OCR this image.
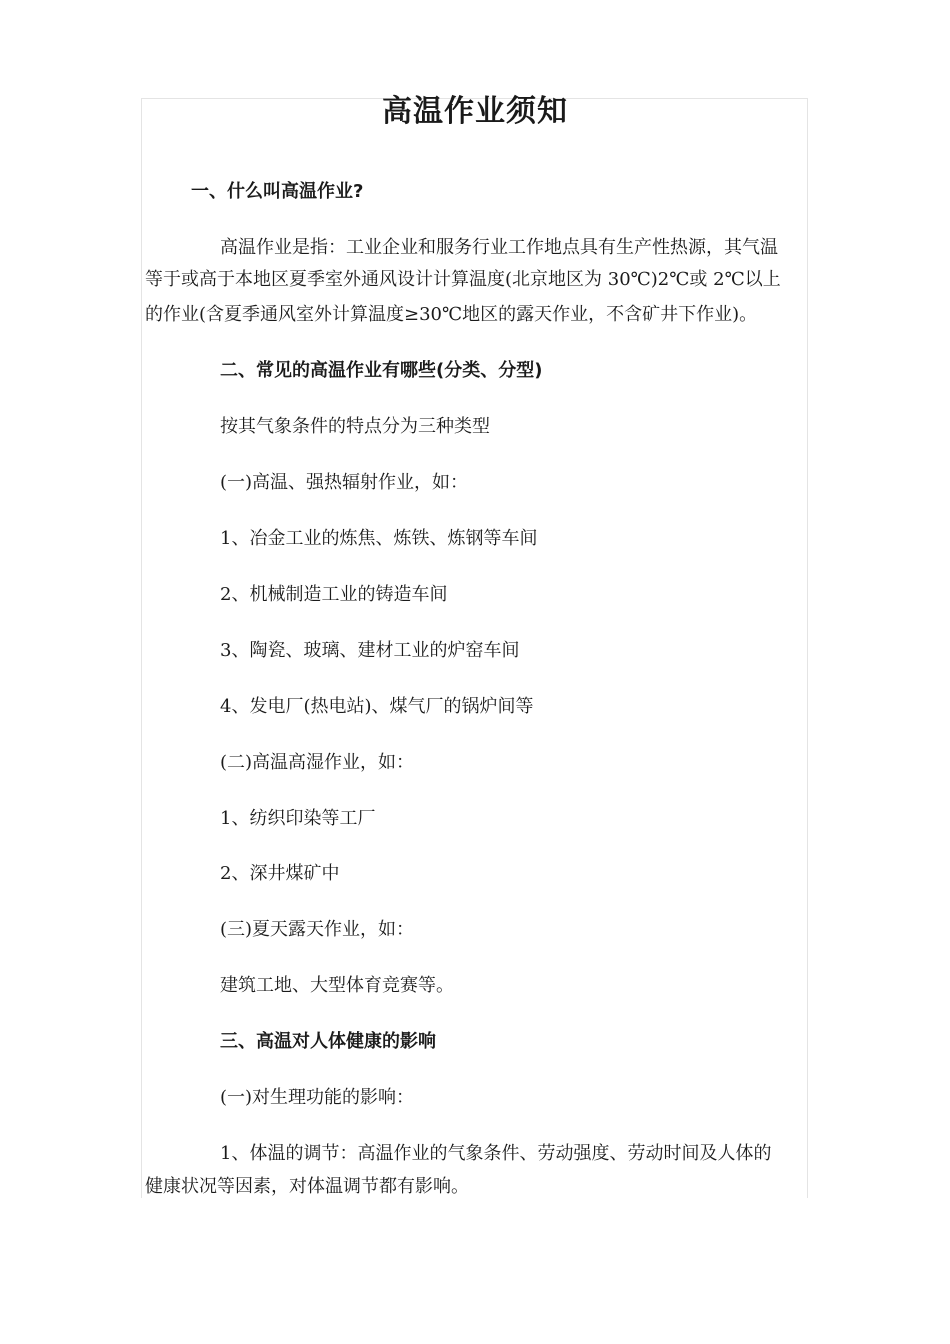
高温作业须知
一、什么叫高温作业?
高温作业是指：工业企业和服务行业工作地点具有生产性热源，其气温
等于或高于本地区夏季室外通风设计计算温度(北京地区为 30℃)2℃或 2℃以上
的作业(含夏季通风室外计算温度≥30℃地区的露天作业，不含矿井下作业)。
二、常见的高温作业有哪些(分类、分型)
按其气象条件的特点分为三种类型
(一)高温、强热辐射作业，如：
1、冶金工业的炼焦、炼铁、炼钢等车间
2、机械制造工业的铸造车间
3、陶瓷、玻璃、建材工业的炉窑车间
4、发电厂(热电站)、煤气厂的锅炉间等
(二)高温高湿作业，如：
1、纺织印染等工厂
2、深井煤矿中
(三)夏天露天作业，如：
建筑工地、大型体育竞赛等。
三、高温对人体健康的影响
(一)对生理功能的影响：
1、体温的调节：高温作业的气象条件、劳动强度、劳动时间及人体的
健康状况等因素，对体温调节都有影响。
